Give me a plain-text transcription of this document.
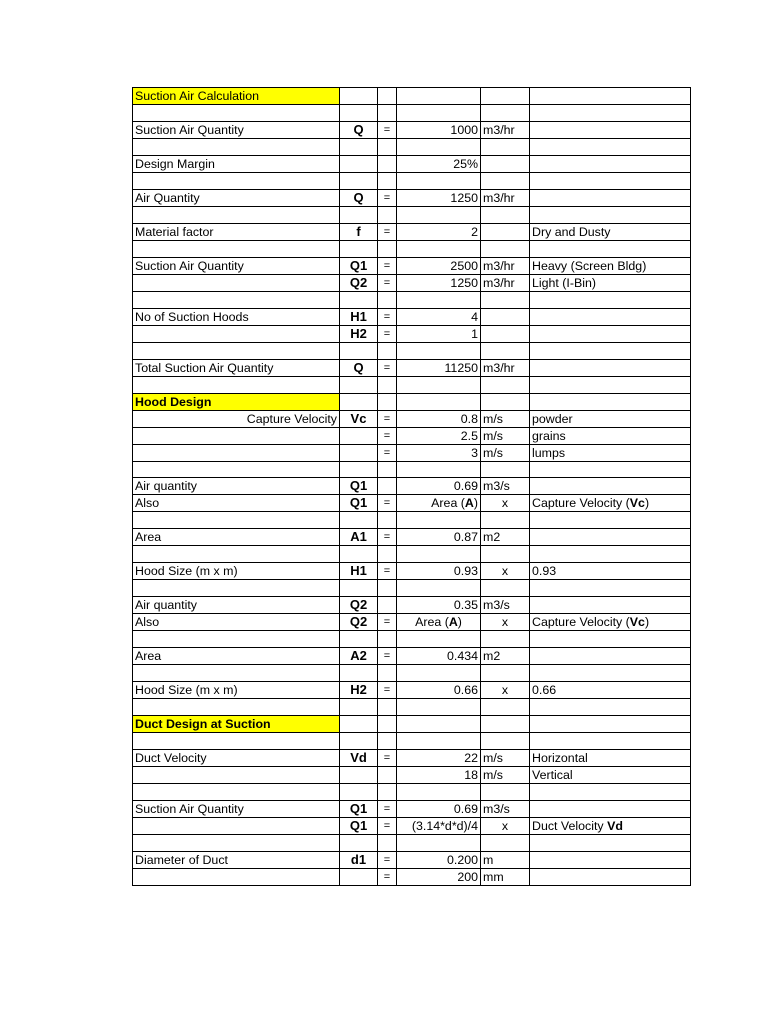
Suction Air Calculation					

Suction Air Quantity	Q	=	1000	m3/hr	

Design Margin			25%		

Air Quantity	Q	=	1250	m3/hr	

Material factor	f	=	2		Dry and Dusty

Suction Air Quantity	Q1	=	2500	m3/hr	Heavy (Screen Bldg)
	Q2	=	1250	m3/hr	Light (I-Bin)

No of Suction Hoods	H1	=	4		
	H2	=	1		

Total Suction Air Quantity	Q	=	11250	m3/hr	

Hood Design					
Capture Velocity	Vc	=	0.8	m/s	powder
		=	2.5	m/s	grains
		=	3	m/s	lumps

Air quantity	Q1		0.69	m3/s	
Also	Q1	=	Area (A)	x	Capture Velocity (Vc)

Area	A1	=	0.87	m2	

Hood Size (m x m)	H1	=	0.93	x	0.93

Air quantity	Q2		0.35	m3/s	
Also	Q2	=	Area (A)	x	Capture Velocity (Vc)

Area	A2	=	0.434	m2	

Hood Size (m x m)	H2	=	0.66	x	0.66

Duct Design at Suction					

Duct Velocity	Vd	=	22	m/s	Horizontal
			18	m/s	Vertical

Suction Air Quantity	Q1	=	0.69	m3/s	
	Q1	=	(3.14*d*d)/4	x	Duct Velocity Vd

Diameter of Duct	d1	=	0.200	m	
		=	200	mm	
